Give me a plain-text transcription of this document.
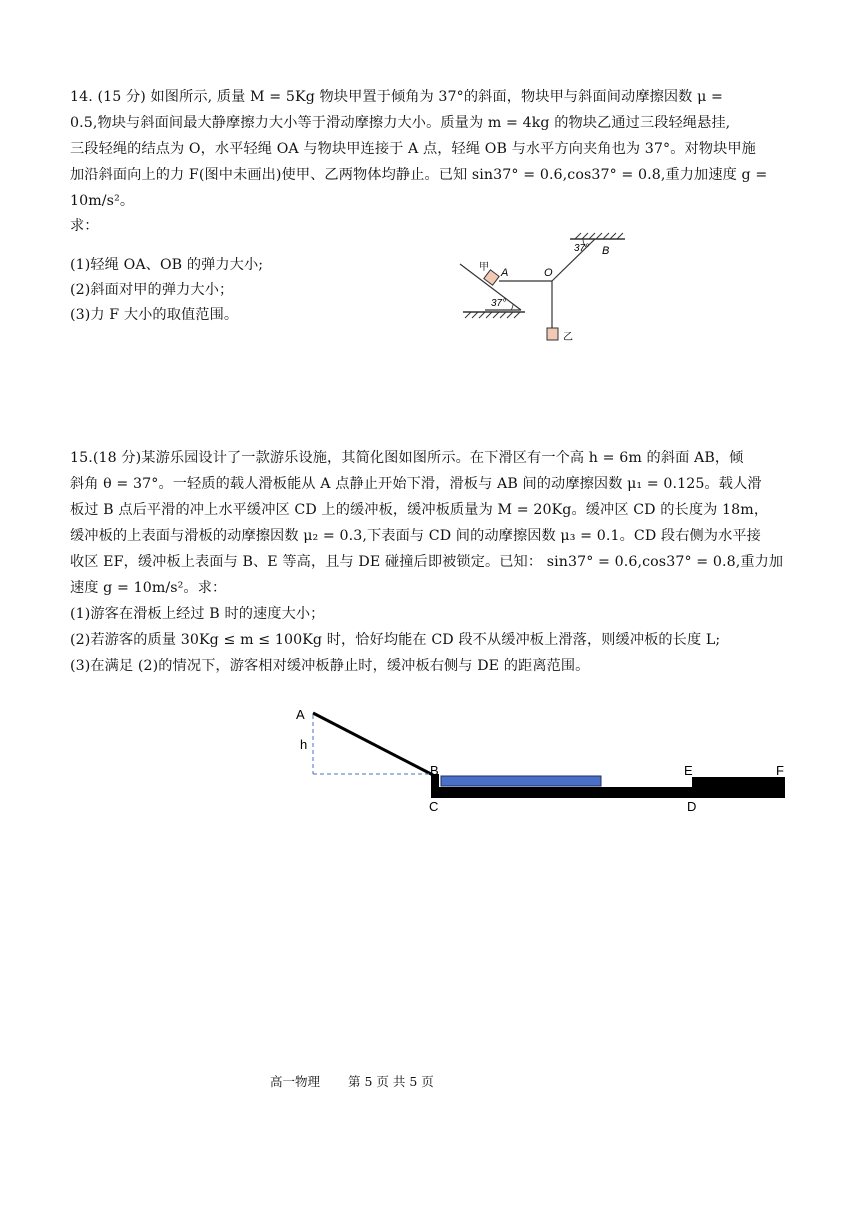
14. (15 分) 如图所示, 质量 M = 5Kg 物块甲置于倾角为 37°的斜面，物块甲与斜面间动摩擦因数 μ =
0.5,物块与斜面间最大静摩擦力大小等于滑动摩擦力大小。质量为 m = 4kg 的物块乙通过三段轻绳悬挂,
三段轻绳的结点为 O，水平轻绳 OA 与物块甲连接于 A 点，轻绳 OB 与水平方向夹角也为 37°。对物块甲施
加沿斜面向上的力 F(图中未画出)使甲、乙两物体均静止。已知 sin37° = 0.6,cos37° = 0.8,重力加速度 g =
10m/s²。
求：
(1)轻绳 OA、OB 的弹力大小;
(2)斜面对甲的弹力大小；
(3)力 F 大小的取值范围。
37° B
O
A
甲
37°
乙
15.(18 分)某游乐园设计了一款游乐设施，其简化图如图所示。在下滑区有一个高 h = 6m 的斜面 AB，倾
斜角 θ = 37°。一轻质的载人滑板能从 A 点静止开始下滑，滑板与 AB 间的动摩擦因数 μ₁ = 0.125。载人滑
板过 B 点后平滑的冲上水平缓冲区 CD 上的缓冲板，缓冲板质量为 M = 20Kg。缓冲区 CD 的长度为 18m，
缓冲板的上表面与滑板的动摩擦因数 μ₂ = 0.3,下表面与 CD 间的动摩擦因数 μ₃ = 0.1。CD 段右侧为水平接
收区 EF，缓冲板上表面与 B、E 等高，且与 DE 碰撞后即被锁定。已知： sin37° = 0.6,cos37° = 0.8,重力加
速度 g = 10m/s²。求：
(1)游客在滑板上经过 B 时的速度大小；
(2)若游客的质量 30Kg ≤ m ≤ 100Kg 时，恰好均能在 CD 段不从缓冲板上滑落，则缓冲板的长度 L;
(3)在满足 (2)的情况下，游客相对缓冲板静止时，缓冲板右侧与 DE 的距离范围。
A
h
B
C	D
E	F
高一物理 第 5 页 共 5 页
